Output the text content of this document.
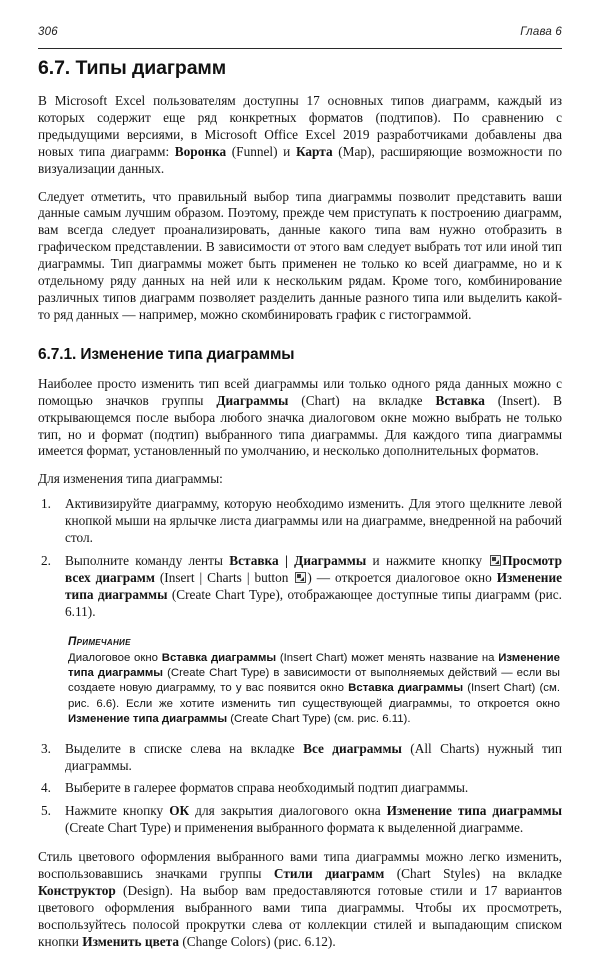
306	Глава 6
6.7. Типы диаграмм

В Microsoft Excel пользователям доступны 17 основных типов диаграмм, каждый из которых содержит еще ряд конкретных форматов (подтипов). По сравнению с предыдущими версиями, в Microsoft Office Excel 2019 разработчиками добавлены два новых типа диаграмм: Воронка (Funnel) и Карта (Map), расширяющие возможности по визуализации данных.

Следует отметить, что правильный выбор типа диаграммы позволит представить ваши данные самым лучшим образом. Поэтому, прежде чем приступать к построению диаграмм, вам всегда следует проанализировать, данные какого типа вам нужно отобразить в графическом представлении. В зависимости от этого вам следует выбрать тот или иной тип диаграммы. Тип диаграммы может быть применен не только ко всей диаграмме, но и к отдельному ряду данных на ней или к нескольким рядам. Кроме того, комбинирование различных типов диаграмм позволяет разделить данные разного типа или выделить какой-то ряд данных — например, можно скомбинировать график с гистограммой.

6.7.1. Изменение типа диаграммы

Наиболее просто изменить тип всей диаграммы или только одного ряда данных можно с помощью значков группы Диаграммы (Chart) на вкладке Вставка (Insert). В открывающемся после выбора любого значка диалоговом окне можно выбрать не только тип, но и формат (подтип) выбранного типа диаграммы. Для каждого типа диаграммы имеется формат, установленный по умолчанию, и несколько дополнительных форматов.

Для изменения типа диаграммы:

1.	Активизируйте диаграмму, которую необходимо изменить. Для этого щелкните левой кнопкой мыши на ярлычке листа диаграммы или на диаграмме, внедренной на рабочий стол.
2.	Выполните команду ленты Вставка | Диаграммы и нажмите кнопку Просмотр всех диаграмм (Insert | Charts | button ) — откроется диалоговое окно Изменение типа диаграммы (Create Chart Type), отображающее доступные типы диаграмм (рис. 6.11).
Примечание
Диалоговое окно Вставка диаграммы (Insert Chart) может менять название на Изменение типа диаграммы (Create Chart Type) в зависимости от выполняемых действий — если вы создаете новую диаграмму, то у вас появится окно Вставка диаграммы (Insert Chart) (см. рис. 6.6). Если же хотите изменить тип существующей диаграммы, то откроется окно Изменение типа диаграммы (Create Chart Type) (см. рис. 6.11).
3.	Выделите в списке слева на вкладке Все диаграммы (All Charts) нужный тип диаграммы.
4.	Выберите в галерее форматов справа необходимый подтип диаграммы.
5.	Нажмите кнопку ОК для закрытия диалогового окна Изменение типа диаграммы (Create Chart Type) и применения выбранного формата к выделенной диаграмме.

Стиль цветового оформления выбранного вами типа диаграммы можно легко изменить, воспользовавшись значками группы Стили диаграмм (Chart Styles) на вкладке Конструктор (Design). На выбор вам предоставляются готовые стили и 17 вариантов цветового оформления выбранного вами типа диаграммы. Чтобы их просмотреть, воспользуйтесь полосой прокрутки слева от коллекции стилей и выпадающим списком кнопки Изменить цвета (Change Colors) (рис. 6.12).
